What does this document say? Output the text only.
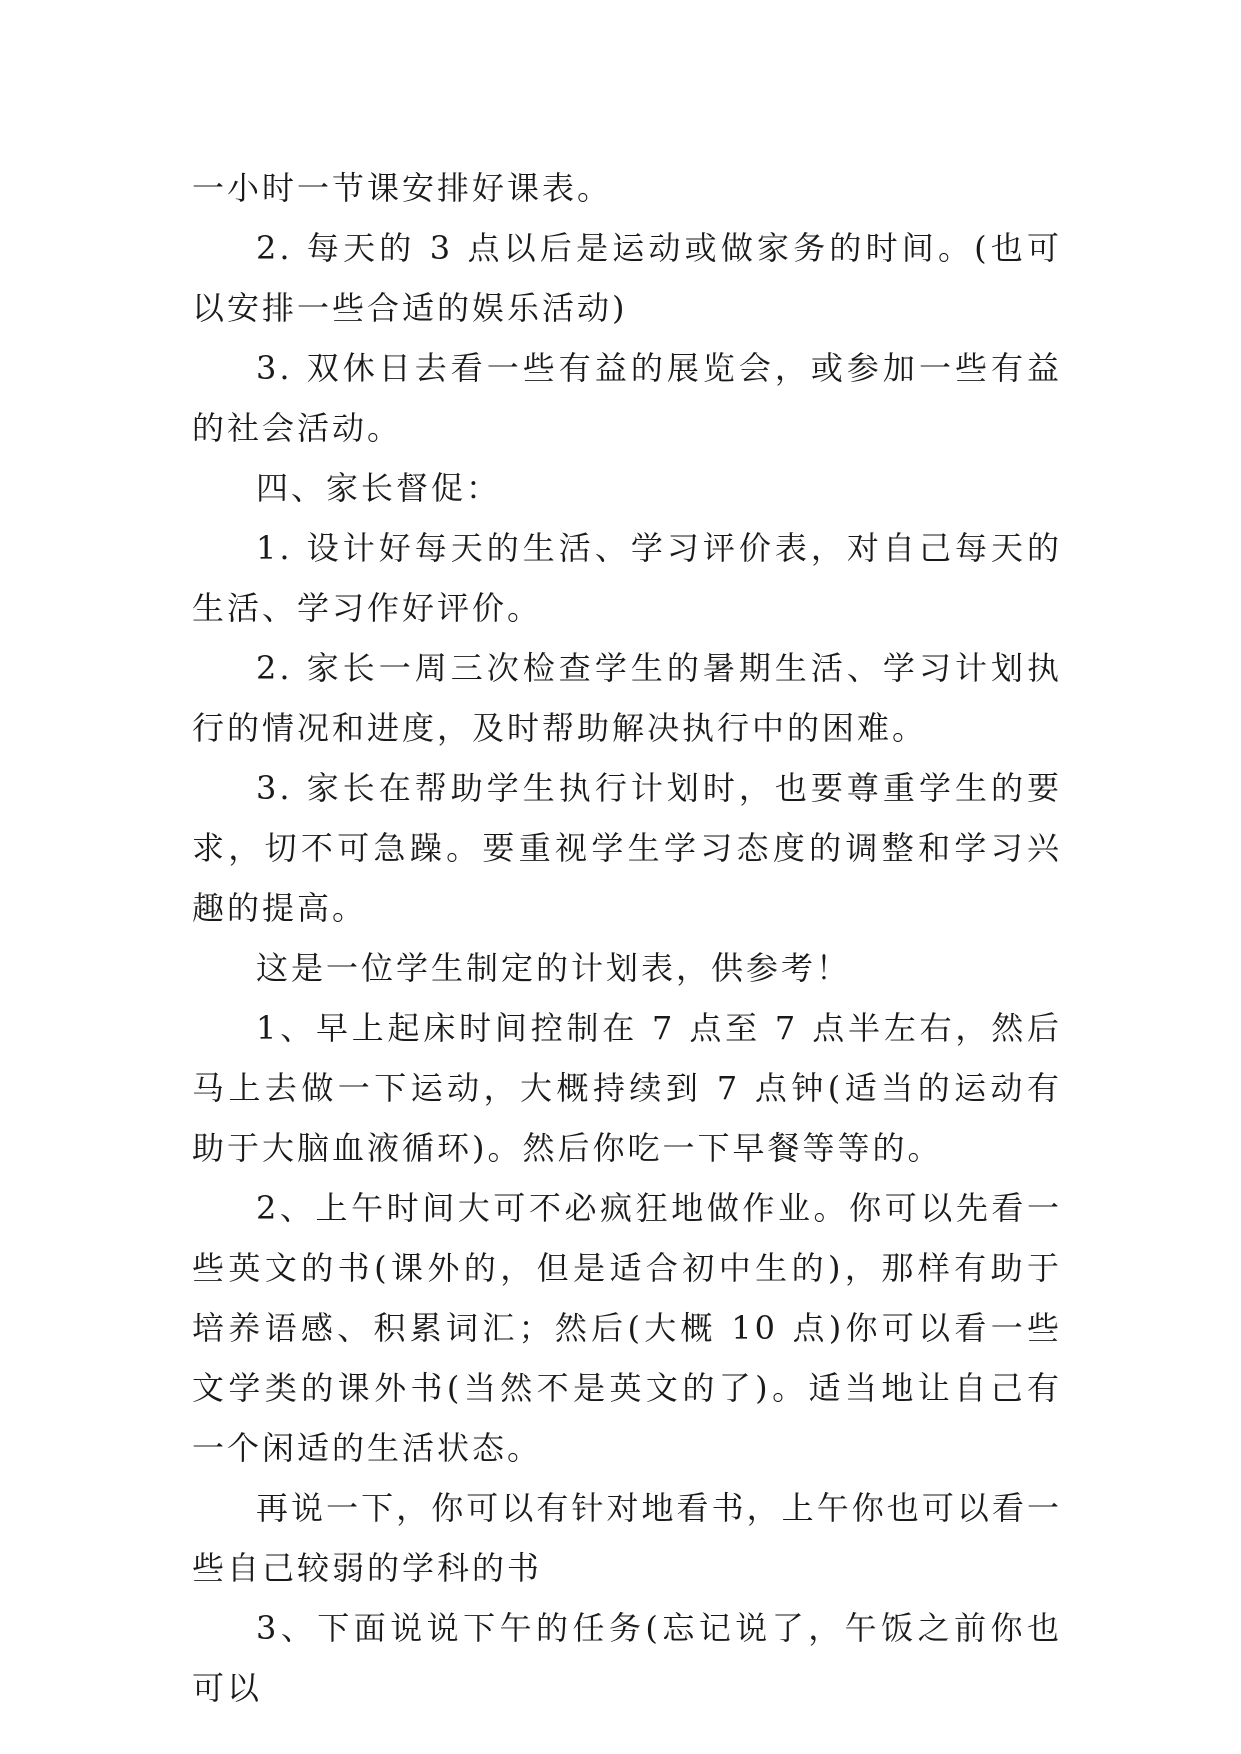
一小时一节课安排好课表。

2. 每天的 3 点以后是运动或做家务的时间。(也可以安排一些合适的娱乐活动)

3. 双休日去看一些有益的展览会，或参加一些有益的社会活动。

四、家长督促：

1. 设计好每天的生活、学习评价表，对自己每天的生活、学习作好评价。

2. 家长一周三次检查学生的暑期生活、学习计划执行的情况和进度，及时帮助解决执行中的困难。

3. 家长在帮助学生执行计划时，也要尊重学生的要求，切不可急躁。要重视学生学习态度的调整和学习兴趣的提高。

这是一位学生制定的计划表，供参考！

1、早上起床时间控制在 7 点至 7 点半左右，然后马上去做一下运动，大概持续到 7 点钟(适当的运动有助于大脑血液循环)。然后你吃一下早餐等等的。

2、上午时间大可不必疯狂地做作业。你可以先看一些英文的书(课外的，但是适合初中生的)，那样有助于培养语感、积累词汇；然后(大概 10 点)你可以看一些文学类的课外书(当然不是英文的了)。适当地让自己有一个闲适的生活状态。

再说一下，你可以有针对地看书，上午你也可以看一些自己较弱的学科的书

3、下面说说下午的任务(忘记说了，午饭之前你也可以
